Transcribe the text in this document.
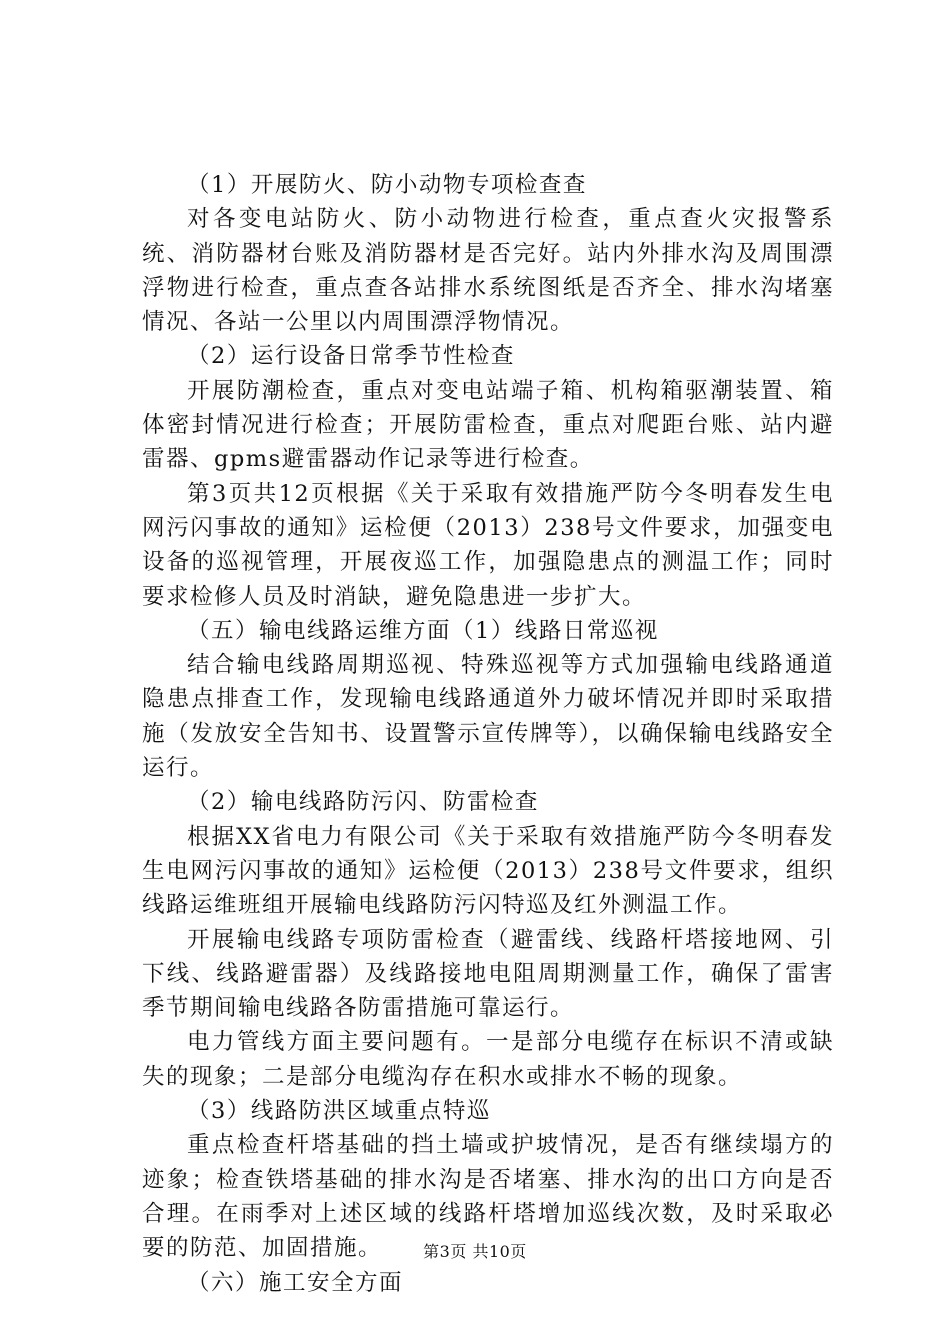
（1）开展防火、防小动物专项检查查

对各变电站防火、防小动物进行检查，重点查火灾报警系统、消防器材台账及消防器材是否完好。站内外排水沟及周围漂浮物进行检查，重点查各站排水系统图纸是否齐全、排水沟堵塞情况、各站一公里以内周围漂浮物情况。

（2）运行设备日常季节性检查

开展防潮检查，重点对变电站端子箱、机构箱驱潮装置、箱体密封情况进行检查；开展防雷检查，重点对爬距台账、站内避雷器、gpms避雷器动作记录等进行检查。

第3页共12页根据《关于采取有效措施严防今冬明春发生电网污闪事故的通知》运检便（2013）238号文件要求，加强变电设备的巡视管理，开展夜巡工作，加强隐患点的测温工作；同时要求检修人员及时消缺，避免隐患进一步扩大。

（五）输电线路运维方面（1）线路日常巡视

结合输电线路周期巡视、特殊巡视等方式加强输电线路通道隐患点排查工作，发现输电线路通道外力破坏情况并即时采取措施（发放安全告知书、设置警示宣传牌等），以确保输电线路安全运行。

（2）输电线路防污闪、防雷检查

根据XX省电力有限公司《关于采取有效措施严防今冬明春发生电网污闪事故的通知》运检便（2013）238号文件要求，组织线路运维班组开展输电线路防污闪特巡及红外测温工作。

开展输电线路专项防雷检查（避雷线、线路杆塔接地网、引下线、线路避雷器）及线路接地电阻周期测量工作，确保了雷害季节期间输电线路各防雷措施可靠运行。

电力管线方面主要问题有。一是部分电缆存在标识不清或缺失的现象；二是部分电缆沟存在积水或排水不畅的现象。

（3）线路防洪区域重点特巡

重点检查杆塔基础的挡土墙或护坡情况，是否有继续塌方的迹象；检查铁塔基础的排水沟是否堵塞、排水沟的出口方向是否合理。在雨季对上述区域的线路杆塔增加巡线次数，及时采取必要的防范、加固措施。

（六）施工安全方面

第3页 共10页
